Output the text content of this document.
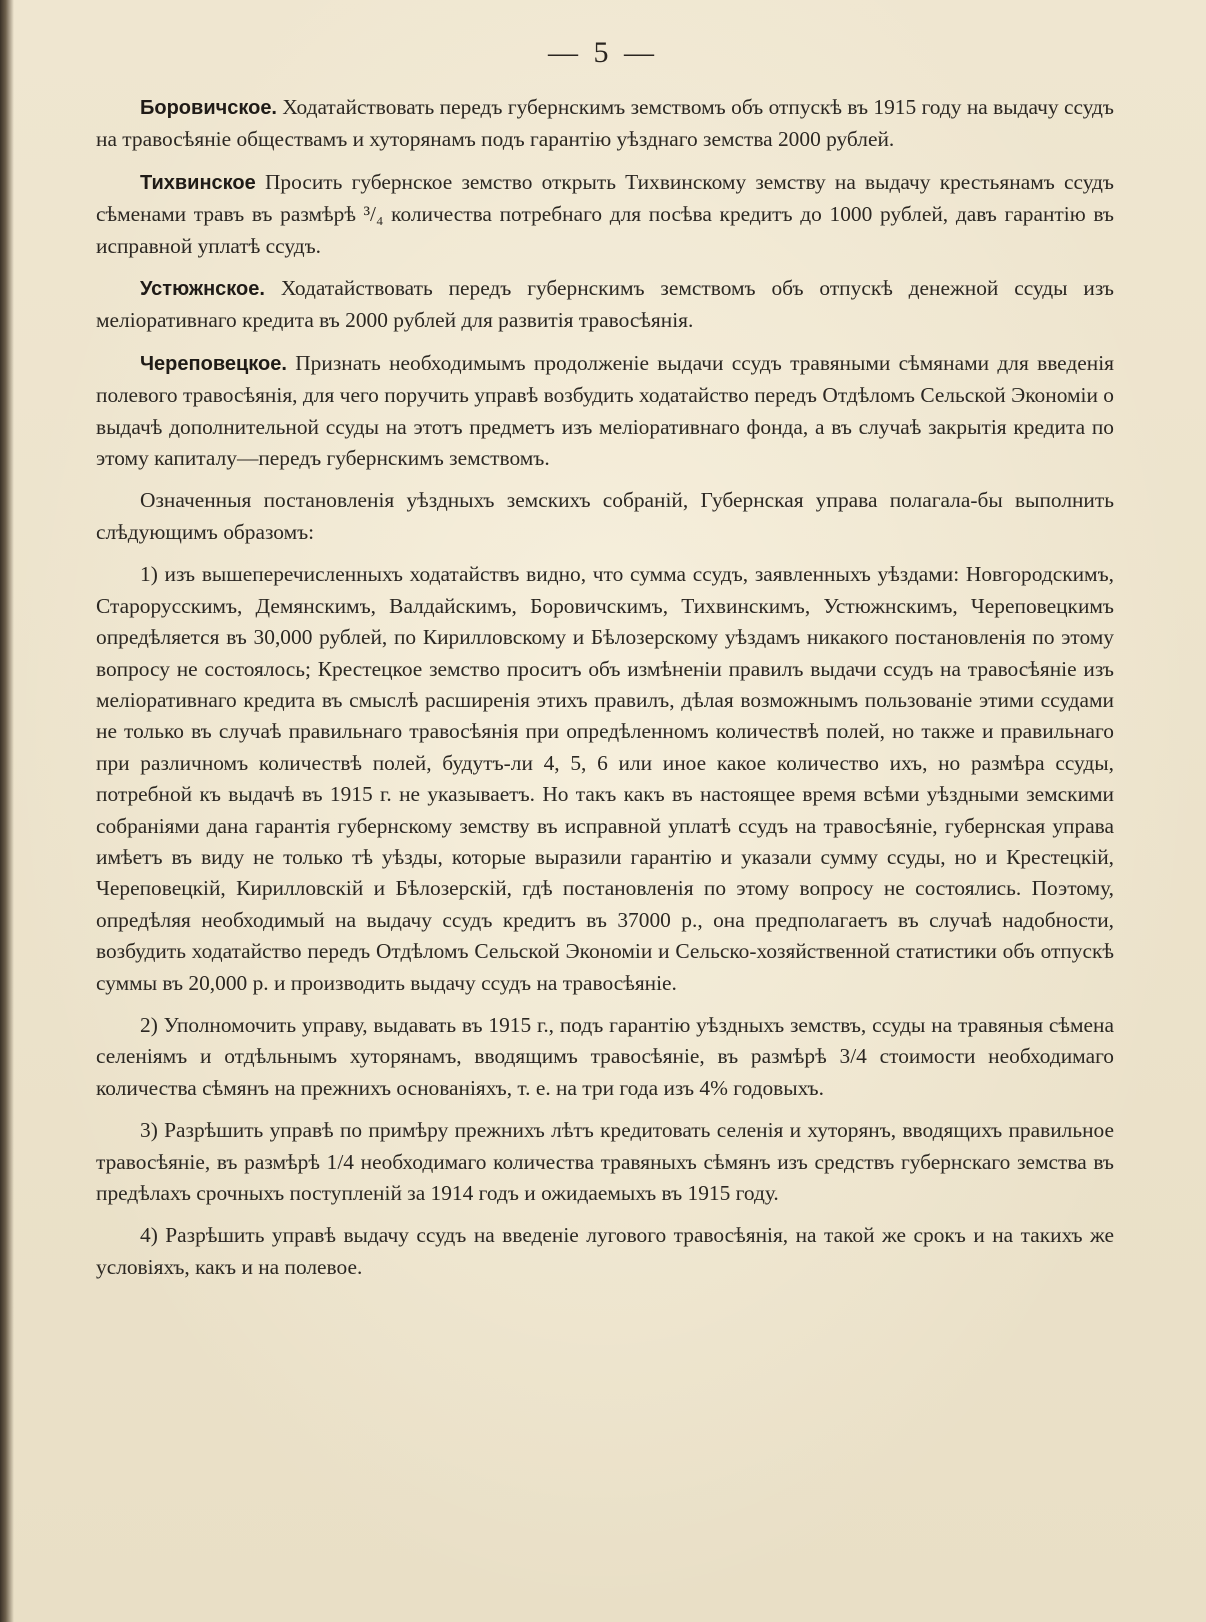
— 5 —

Боровичское. Ходатайствовать передъ губернскимъ земствомъ объ отпускѣ въ 1915 году на выдачу ссудъ на травосѣяніе обществамъ и хуторянамъ подъ гарантію уѣзднаго земства 2000 рублей.

Тихвинское Просить губернское земство открыть Тихвинскому земству на выдачу крестьянамъ ссудъ сѣменами травъ въ размѣрѣ ³/₄ количества потребнаго для посѣва кредитъ до 1000 рублей, давъ гарантію въ исправной уплатѣ ссудъ.

Устюжнское. Ходатайствовать передъ губернскимъ земствомъ объ отпускѣ денежной ссуды изъ меліоративнаго кредита въ 2000 рублей для развитія травосѣянія.

Череповецкое. Признать необходимымъ продолженіе выдачи ссудъ травяными сѣмянами для введенія полевого травосѣянія, для чего поручить управѣ возбудить ходатайство передъ Отдѣломъ Сельской Экономіи о выдачѣ дополнительной ссуды на этотъ предметъ изъ меліоративнаго фонда, а въ случаѣ закрытія кредита по этому капиталу—передъ губернскимъ земствомъ.

Означенныя постановленія уѣздныхъ земскихъ собраній, Губернская управа полагала-бы выполнить слѣдующимъ образомъ:

1) изъ вышеперечисленныхъ ходатайствъ видно, что сумма ссудъ, заявленныхъ уѣздами: Новгородскимъ, Старорусскимъ, Демянскимъ, Валдайскимъ, Боровичскимъ, Тихвинскимъ, Устюжнскимъ, Череповецкимъ опредѣляется въ 30,000 рублей, по Кирилловскому и Бѣлозерскому уѣздамъ никакого постановленія по этому вопросу не состоялось; Крестецкое земство проситъ объ измѣненіи правилъ выдачи ссудъ на травосѣяніе изъ меліоративнаго кредита въ смыслѣ расширенія этихъ правилъ, дѣлая возможнымъ пользованіе этими ссудами не только въ случаѣ правильнаго травосѣянія при опредѣленномъ количествѣ полей, но также и правильнаго при различномъ количествѣ полей, будутъ-ли 4, 5, 6 или иное какое количество ихъ, но размѣра ссуды, потребной къ выдачѣ въ 1915 г. не указываетъ. Но такъ какъ въ настоящее время всѣми уѣздными земскими собраніями дана гарантія губернскому земству въ исправной уплатѣ ссудъ на травосѣяніе, губернская управа имѣетъ въ виду не только тѣ уѣзды, которые выразили гарантію и указали сумму ссуды, но и Крестецкій, Череповецкій, Кирилловскій и Бѣлозерскій, гдѣ постановленія по этому вопросу не состоялись. Поэтому, опредѣляя необходимый на выдачу ссудъ кредитъ въ 37000 р., она предполагаетъ въ случаѣ надобности, возбудить ходатайство передъ Отдѣломъ Сельской Экономіи и Сельско-хозяйственной статистики объ отпускѣ суммы въ 20,000 р. и производить выдачу ссудъ на травосѣяніе.

2) Уполномочить управу, выдавать въ 1915 г., подъ гарантію уѣздныхъ земствъ, ссуды на травяныя сѣмена селеніямъ и отдѣльнымъ хуторянамъ, вводящимъ травосѣяніе, въ размѣрѣ 3/4 стоимости необходимаго количества сѣмянъ на прежнихъ основаніяхъ, т. е. на три года изъ 4% годовыхъ.

3) Разрѣшить управѣ по примѣру прежнихъ лѣтъ кредитовать селенія и хуторянъ, вводящихъ правильное травосѣяніе, въ размѣрѣ 1/4 необходимаго количества травяныхъ сѣмянъ изъ средствъ губернскаго земства въ предѣлахъ срочныхъ поступленій за 1914 годъ и ожидаемыхъ въ 1915 году.

4) Разрѣшить управѣ выдачу ссудъ на введеніе лугового травосѣянія, на такой же срокъ и на такихъ же условіяхъ, какъ и на полевое.
